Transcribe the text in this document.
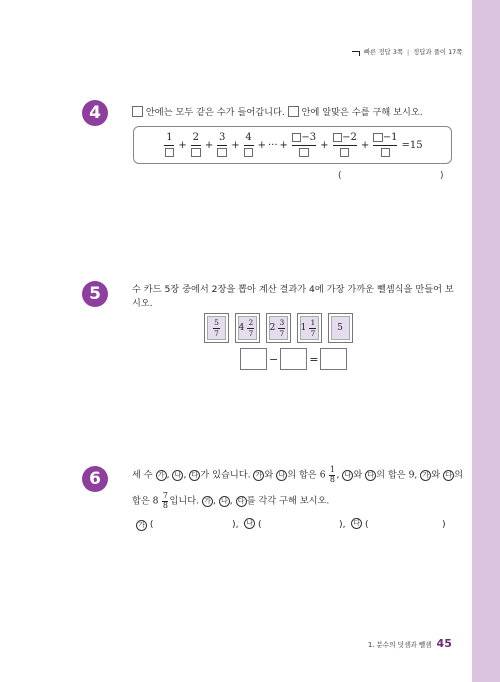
빠른 정답 3쪽 | 정답과 풀이 17쪽
4	안에는 모두 같은 수가 들어갑니다. 안에 알맞은 수를 구해 보시오.
1
+
2
+
3
+
4
+ ··· +
−3
+
−2
+
−1
=15
(	)
5	수 카드 5장 중에서 2장을 뽑아 계산 결과가 4에 가장 가까운 뺄셈식을 만들어 보
시오.
$\frac{5}{7} 4 \frac{2}{7} 2 \frac{3}{7} 1 \frac{1}{7} 5$
−	=
6	세 수 가 , 나 , 다 가 있습니다. 가 와 나 의 합은 $6 \frac{1}{8}$ , 나 와 다 의 합은 9, 가 와 다 의
합은 $8 \frac{7}{8}$ 입니다. 가 , 나 , 다 를 각각 구해 보시오.
가 (	),	나 (	),	다 (	)
1. 분수의 덧셈과 뺄셈 45
